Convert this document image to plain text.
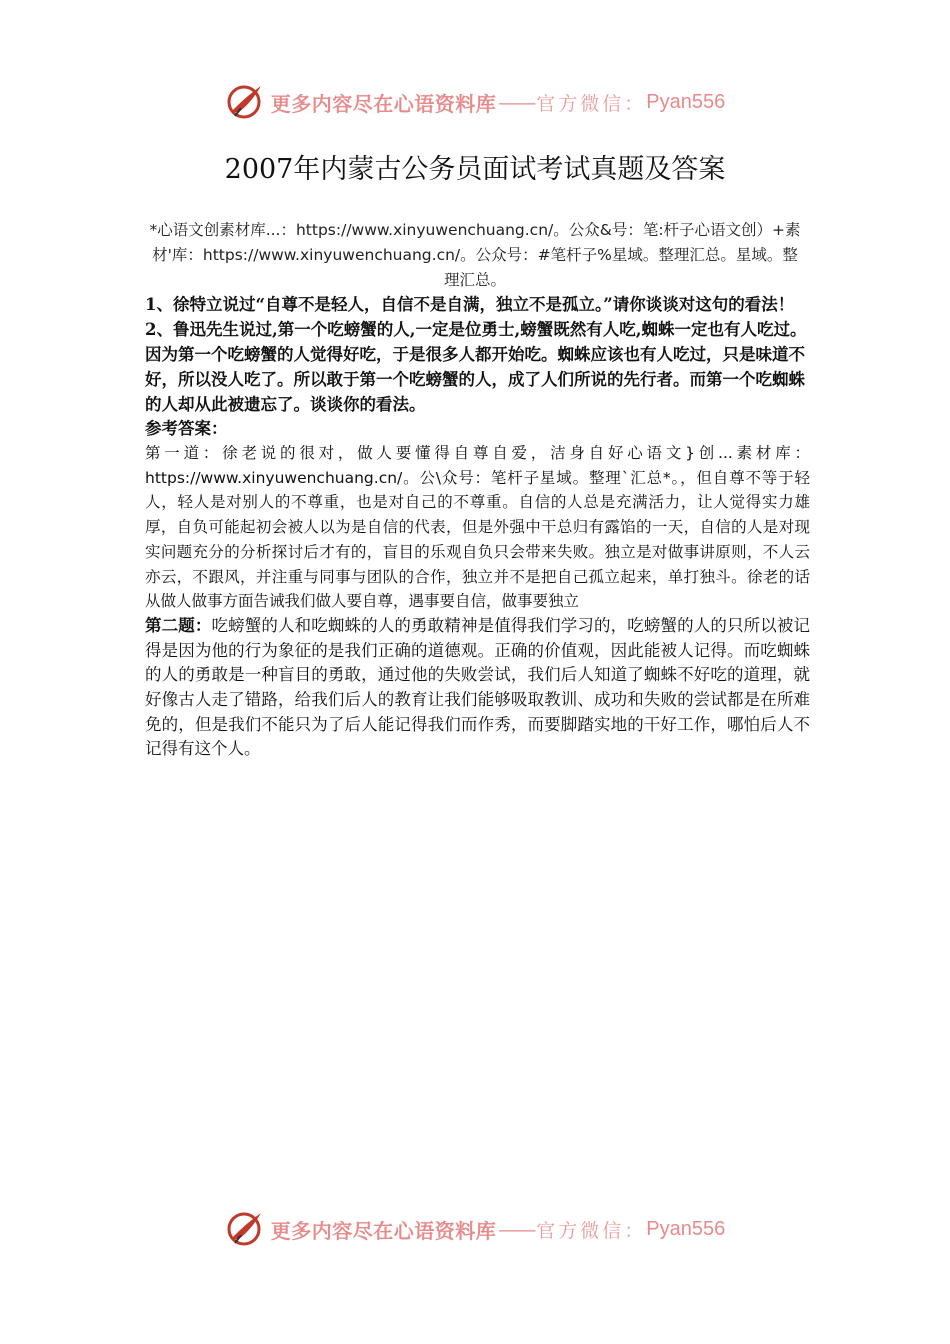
更多内容尽在心语资料库 —— 官方微信： Pyan556
2007年内蒙古公务员面试考试真题及答案
*心语文创素材库...：https://www.xinyuwenchuang.cn/。公众&号：笔:杆子心语文创）+素材'库：https://www.xinyuwenchuang.cn/。公众号：#笔杆子%星域。整理汇总。星域。整理汇总。

1、徐特立说过“自尊不是轻人，自信不是自满，独立不是孤立。”请你谈谈对这句的看法！

2、鲁迅先生说过,第一个吃螃蟹的人,一定是位勇士,螃蟹既然有人吃,蜘蛛一定也有人吃过。因为第一个吃螃蟹的人觉得好吃，于是很多人都开始吃。蜘蛛应该也有人吃过，只是味道不好，所以没人吃了。所以敢于第一个吃螃蟹的人，成了人们所说的先行者。而第一个吃蜘蛛的人却从此被遗忘了。谈谈你的看法。

参考答案：

第一道：徐老说的很对，做人要懂得自尊自爱，洁身自好心语文}创...素材库：https://www.xinyuwenchuang.cn/。公\众号：笔杆子星域。整理`汇总*。，但自尊不等于轻人，轻人是对别人的不尊重，也是对自己的不尊重。自信的人总是充满活力，让人觉得实力雄厚，自负可能起初会被人以为是自信的代表，但是外强中干总归有露馅的一天，自信的人是对现实问题充分的分析探讨后才有的，盲目的乐观自负只会带来失败。独立是对做事讲原则，不人云亦云，不跟风，并注重与同事与团队的合作，独立并不是把自己孤立起来，单打独斗。徐老的话从做人做事方面告诫我们做人要自尊，遇事要自信，做事要独立

第二题：吃螃蟹的人和吃蜘蛛的人的勇敢精神是值得我们学习的，吃螃蟹的人的只所以被记得是因为他的行为象征的是我们正确的道德观。正确的价值观，因此能被人记得。而吃蜘蛛的人的勇敢是一种盲目的勇敢，通过他的失败尝试，我们后人知道了蜘蛛不好吃的道理，就好像古人走了错路，给我们后人的教育让我们能够吸取教训、成功和失败的尝试都是在所难免的，但是我们不能只为了后人能记得我们而作秀，而要脚踏实地的干好工作，哪怕后人不记得有这个人。

更多内容尽在心语资料库 —— 官方微信： Pyan556
